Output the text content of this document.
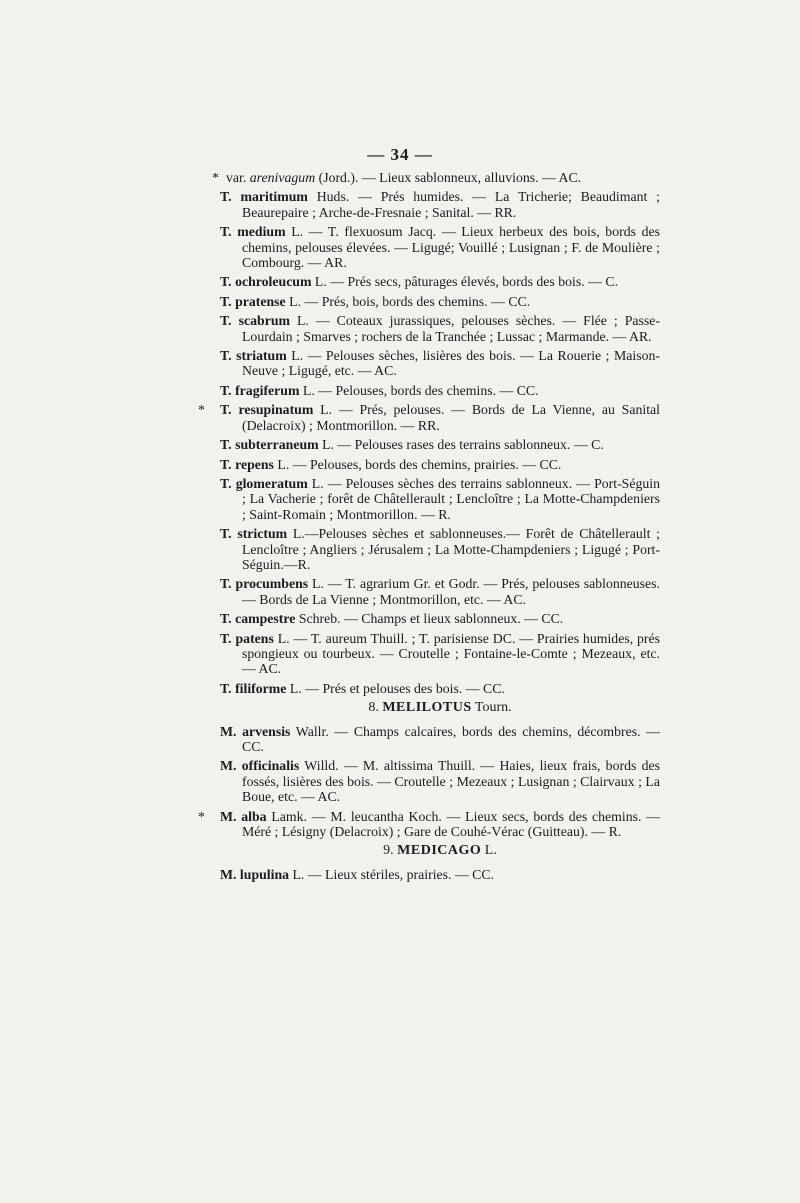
— 34 —
* var. arenivagum (Jord.). — Lieux sablonneux, alluvions. — AC.
T. maritimum Huds. — Prés humides. — La Tricherie; Beaudimant ; Beaurepaire ; Arche-de-Fresnaie ; Sanital. — RR.
T. medium L. — T. flexuosum Jacq. — Lieux herbeux des bois, bords des chemins, pelouses élevées. — Ligugé; Vouillé ; Lusignan ; F. de Moulière ; Combourg. — AR.
T. ochroleucum L. — Prés secs, pâturages élevés, bords des bois. — C.
T. pratense L. — Prés, bois, bords des chemins. — CC.
T. scabrum L. — Coteaux jurassiques, pelouses sèches. — Flée ; Passe-Lourdain ; Smarves ; rochers de la Tranchée ; Lussac ; Marmande. — AR.
T. striatum L. — Pelouses sèches, lisières des bois. — La Rouerie ; Maison-Neuve ; Ligugé, etc. — AC.
T. fragiferum L. — Pelouses, bords des chemins. — CC.
* T. resupinatum L. — Prés, pelouses. — Bords de La Vienne, au Sanital (Delacroix) ; Montmorillon. — RR.
T. subterraneum L. — Pelouses rases des terrains sablonneux. — C.
T. repens L. — Pelouses, bords des chemins, prairies. — CC.
T. glomeratum L. — Pelouses sèches des terrains sablonneux. — Port-Séguin ; La Vacherie ; forêt de Châtellerault ; Lencloître ; La Motte-Champdeniers ; Saint-Romain ; Montmorillon. — R.
T. strictum L.—Pelouses sèches et sablonneuses.— Forêt de Châtellerault ; Lencloître ; Angliers ; Jérusalem ; La Motte-Champdeniers ; Ligugé ; Port-Séguin.—R.
T. procumbens L. — T. agrarium Gr. et Godr. — Prés, pelouses sablonneuses. — Bords de La Vienne ; Montmorillon, etc. — AC.
T. campestre Schreb. — Champs et lieux sablonneux. — CC.
T. patens L. — T. aureum Thuill. ; T. parisiense DC. — Prairies humides, prés spongieux ou tourbeux. — Croutelle ; Fontaine-le-Comte ; Mezeaux, etc. — AC.
T. filiforme L. — Prés et pelouses des bois. — CC.
8. MELILOTUS Tourn.
M. arvensis Wallr. — Champs calcaires, bords des chemins, décombres. — CC.
M. officinalis Willd. — M. altissima Thuill. — Haies, lieux frais, bords des fossés, lisières des bois. — Croutelle ; Mezeaux ; Lusignan ; Clairvaux ; La Boue, etc. — AC.
* M. alba Lamk. — M. leucantha Koch. — Lieux secs, bords des chemins. — Méré ; Lésigny (Delacroix) ; Gare de Couhé-Vérac (Guitteau). — R.
9. MEDICAGO L.
M. lupulina L. — Lieux stériles, prairies. — CC.
